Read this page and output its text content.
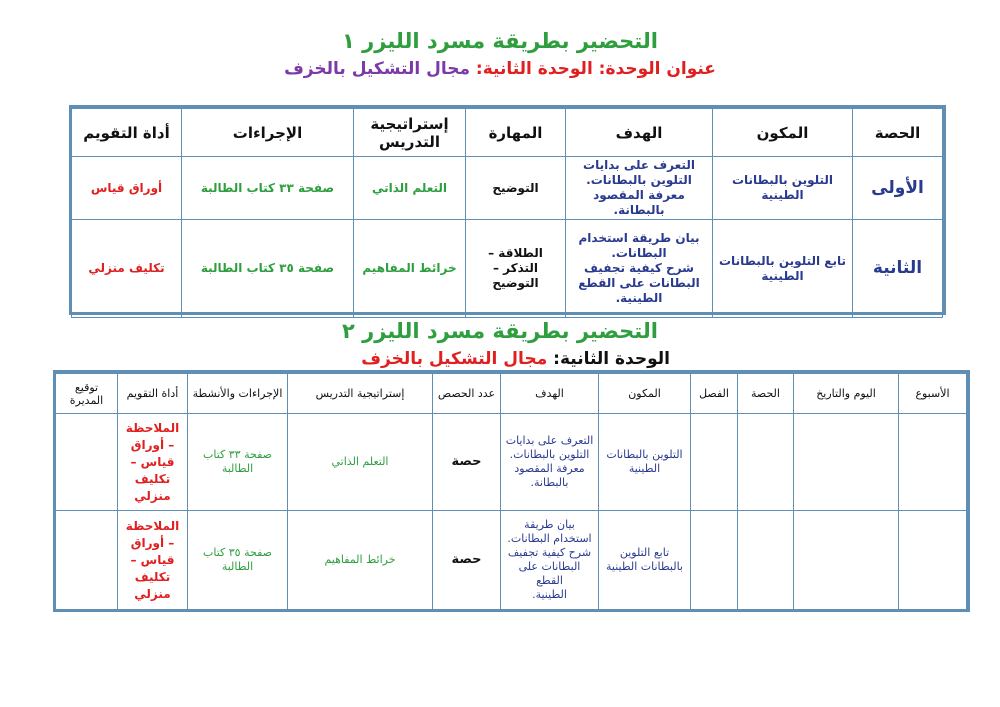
التحضير بطريقة مسرد الليزر ١
عنوان الوحدة: الوحدة الثانية: مجال التشكيل بالخزف
الحصة	المكون	الهدف	المهارة	إستراتيجية التدريس	الإجراءات	أداة التقويم
الأولى	التلوين بالبطانات الطينية	التعرف على بدايات
التلوين بالبطانات.
معرفة المقصود بالبطانة.	التوضيح	التعلم الذاتي	صفحة ٣٣ كتاب الطالبة	أوراق قياس
الثانية	تابع التلوين بالبطانات الطينية	بيان طريقة استخدام
البطانات.
شرح كيفية تجفيف
البطانات على القطع
الطينية.	الطلاقة – التذكر – التوضيح	خرائط المفاهيم	صفحة ٣٥ كتاب الطالبة	تكليف منزلي
التحضير بطريقة مسرد الليزر ٢
الوحدة الثانية: مجال التشكيل بالخزف
الأسبوع	اليوم والتاريخ	الحصة	الفصل	المكون	الهدف	عدد الحصص	إستراتيجية التدريس	الإجراءات والأنشطة	أداة التقويم	توقيع المديرة
				التلوين بالبطانات الطينية	التعرف على بدايات
التلوين بالبطانات.
معرفة المقصود
بالبطانة.	حصة	التعلم الذاتي	صفحة ٣٣ كتاب الطالبة	الملاحظة
– أوراق
قياس –
تكليف
منزلي	

				تابع التلوين بالبطانات الطينية	بيان طريقة
استخدام البطانات.
شرح كيفية تجفيف
البطانات على القطع
الطينية.	حصة	خرائط المفاهيم	صفحة ٣٥ كتاب الطالبة	الملاحظة
– أوراق
قياس –
تكليف
منزلي	
